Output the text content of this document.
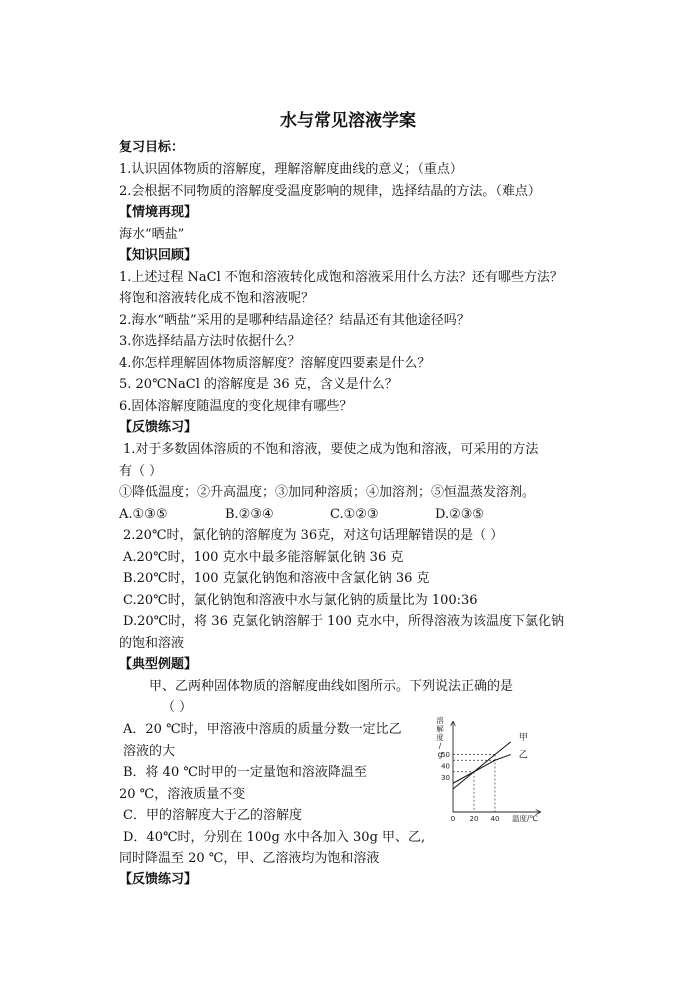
水与常见溶液学案
复习目标：
1.认识固体物质的溶解度，理解溶解度曲线的意义；（重点）
2.会根据不同物质的溶解度受温度影响的规律，选择结晶的方法。（难点）
【情境再现】
海水“晒盐”
【知识回顾】
1.上述过程 NaCl 不饱和溶液转化成饱和溶液采用什么方法？还有哪些方法？
将饱和溶液转化成不饱和溶液呢？
2.海水“晒盐”采用的是哪种结晶途径？结晶还有其他途径吗？
3.你选择结晶方法时依据什么？
4.你怎样理解固体物质溶解度？溶解度四要素是什么？
5. 20℃NaCl 的溶解度是 36 克，含义是什么？
6.固体溶解度随温度的变化规律有哪些？
【反馈练习】
1.对于多数固体溶质的不饱和溶液，要使之成为饱和溶液，可采用的方法
有（ ）
①降低温度；②升高温度；③加同种溶质；④加溶剂；⑤恒温蒸发溶剂。
A.①③⑤	B.②③④	C.①②③	D.②③⑤
2.20℃时，氯化钠的溶解度为 36克，对这句话理解错误的是（ ）
A.20℃时，100 克水中最多能溶解氯化钠 36 克
B.20℃时，100 克氯化钠饱和溶液中含氯化钠 36 克
C.20℃时，氯化钠饱和溶液中水与氯化钠的质量比为 100:36
D.20℃时，将 36 克氯化钠溶解于 100 克水中，所得溶液为该温度下氯化钠
的饱和溶液
【典型例题】
甲、乙两种固体物质的溶解度曲线如图所示。下列说法正确的是
（ ）
A．20 ℃时，甲溶液中溶质的质量分数一定比乙
溶液的大
B．将 40 ℃时甲的一定量饱和溶液降温至
20 ℃，溶液质量不变
C．甲的溶解度大于乙的溶解度
D．40℃时，分别在 100g 水中各加入 30g 甲、乙,
同时降温至 20 ℃，甲、乙溶液均为饱和溶液
【反馈练习】
溶
解
度
/
g
30
40
50
0 20 40
甲
乙
温度/℃
